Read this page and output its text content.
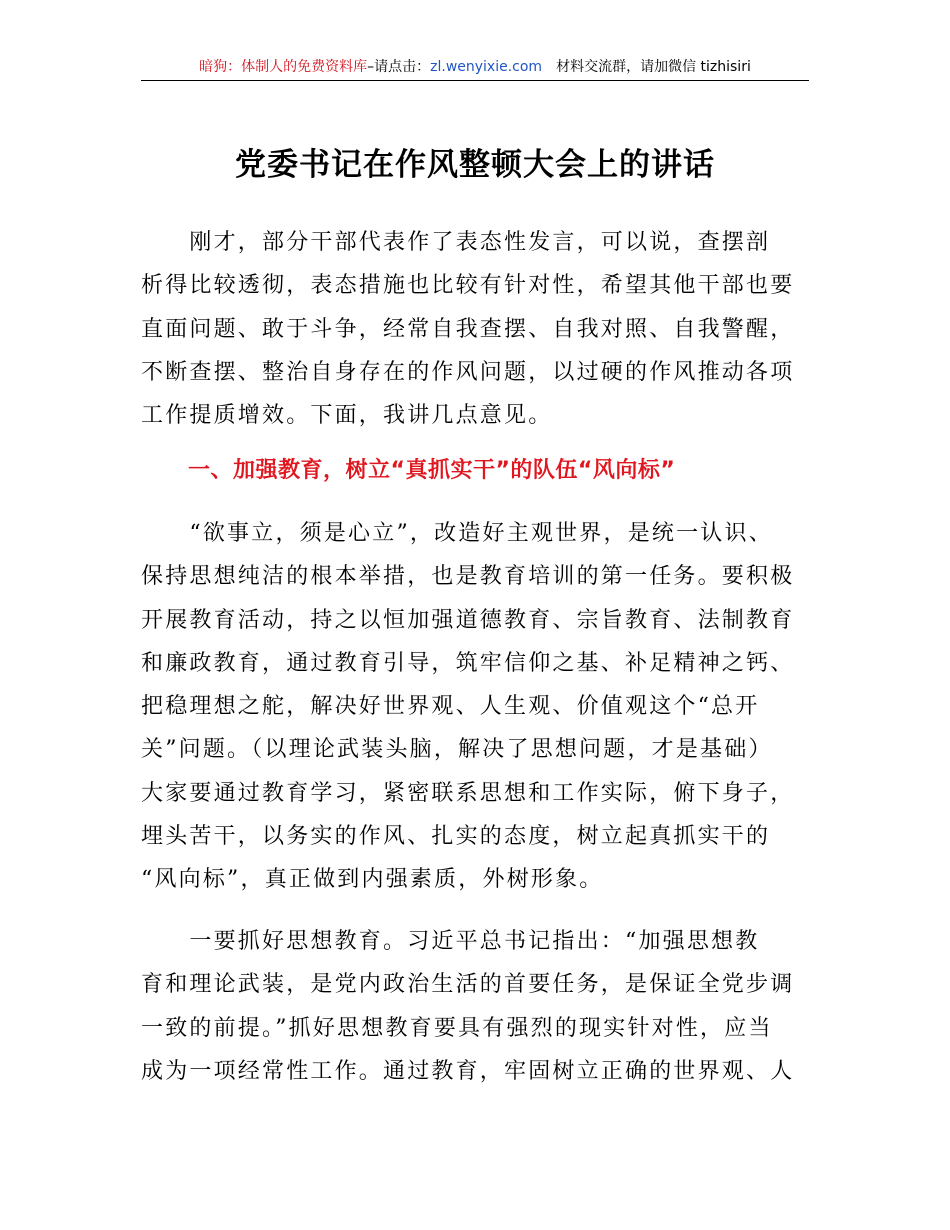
暗狗：体制人的免费资料库–请点击：zl.wenyixie.com 材料交流群，请加微信 tizhisiri
党委书记在作风整顿大会上的讲话
　　刚才，部分干部代表作了表态性发言，可以说，查摆剖
析得比较透彻，表态措施也比较有针对性，希望其他干部也要
直面问题、敢于斗争，经常自我查摆、自我对照、自我警醒，
不断查摆、整治自身存在的作风问题，以过硬的作风推动各项
工作提质增效。下面，我讲几点意见。
一、加强教育，树立“真抓实干”的队伍“风向标”
　　“欲事立，须是心立”，改造好主观世界，是统一认识、
保持思想纯洁的根本举措，也是教育培训的第一任务。要积极
开展教育活动，持之以恒加强道德教育、宗旨教育、法制教育
和廉政教育，通过教育引导，筑牢信仰之基、补足精神之钙、
把稳理想之舵，解决好世界观、人生观、价值观这个“总开
关”问题。（以理论武装头脑，解决了思想问题，才是基础）
大家要通过教育学习，紧密联系思想和工作实际，俯下身子，
埋头苦干，以务实的作风、扎实的态度，树立起真抓实干的
“风向标”，真正做到内强素质，外树形象。
　　一要抓好思想教育。习近平总书记指出：“加强思想教
育和理论武装，是党内政治生活的首要任务，是保证全党步调
一致的前提。”抓好思想教育要具有强烈的现实针对性，应当
成为一项经常性工作。通过教育，牢固树立正确的世界观、人
